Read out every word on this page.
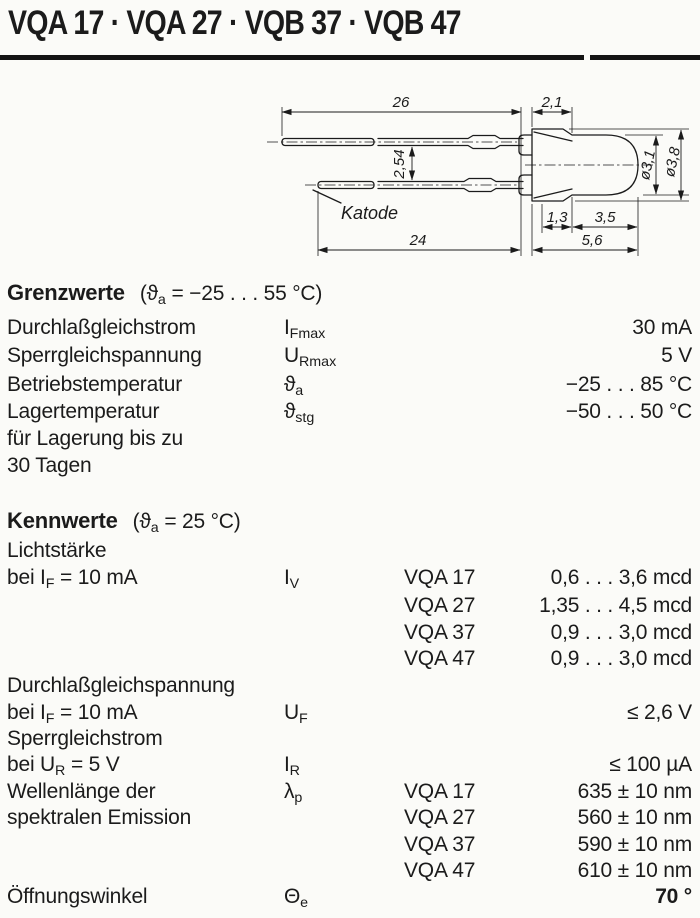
VQA 17 · VQA 27 · VQB 37 · VQB 47
26	2,1
2,54
24	5,6
1,3 3,5
ø3,1 ø3,8
Katode
Grenzwerte (ϑa = −25 . . . 55 °C)
Durchlaßgleichstrom	IFmax	30 mA
Sperrgleichspannung	URmax	5 V
Betriebstemperatur	ϑa	−25 . . . 85 °C
Lagertemperatur	ϑstg	−50 . . . 50 °C
für Lagerung bis zu
30 Tagen
Kennwerte (ϑa = 25 °C)
Lichtstärke
bei IF = 10 mA	IV	VQA 17	0,6 . . . 3,6 mcd
VQA 27	1,35 . . . 4,5 mcd
VQA 37	0,9 . . . 3,0 mcd
VQA 47	0,9 . . . 3,0 mcd
Durchlaßgleichspannung
bei IF = 10 mA	UF	≤ 2,6 V
Sperrgleichstrom
bei UR = 5 V	IR	≤ 100 µA
Wellenlänge der
spektralen Emission
λp	VQA 17	635 ± 10 nm
VQA 27	560 ± 10 nm
VQA 37	590 ± 10 nm
VQA 47	610 ± 10 nm
Öffnungswinkel	Θe	70 °
